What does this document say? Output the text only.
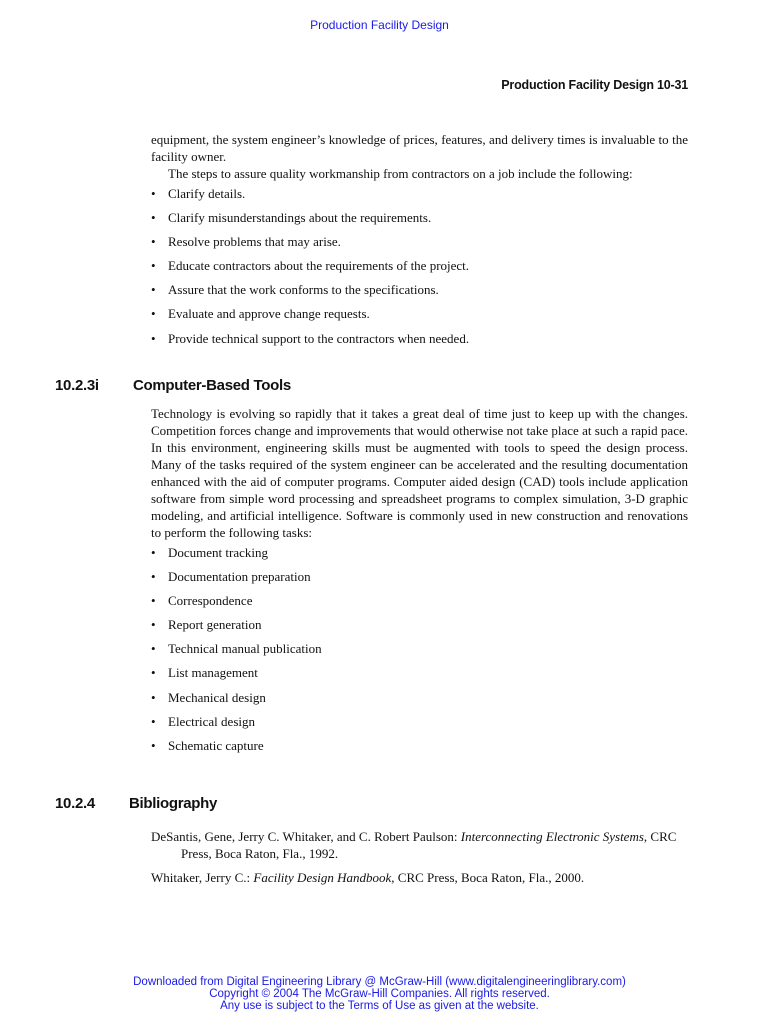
Production Facility Design
Production Facility Design 10-31

equipment, the system engineer’s knowledge of prices, features, and delivery times is invaluable to the facility owner.

The steps to assure quality workmanship from contractors on a job include the following:

• Clarify details.
• Clarify misunderstandings about the requirements.
• Resolve problems that may arise.
• Educate contractors about the requirements of the project.
• Assure that the work conforms to the specifications.
• Evaluate and approve change requests.
• Provide technical support to the contractors when needed.
10.2.3i Computer-Based Tools

Technology is evolving so rapidly that it takes a great deal of time just to keep up with the changes. Competition forces change and improvements that would otherwise not take place at such a rapid pace. In this environment, engineering skills must be augmented with tools to speed the design process. Many of the tasks required of the system engineer can be accelerated and the resulting documentation enhanced with the aid of computer programs. Computer aided design (CAD) tools include application software from simple word processing and spreadsheet programs to complex simulation, 3-D graphic modeling, and artificial intelligence. Software is commonly used in new construction and renovations to perform the following tasks:

• Document tracking
• Documentation preparation
• Correspondence
• Report generation
• Technical manual publication
• List management
• Mechanical design
• Electrical design
• Schematic capture
10.2.4 Bibliography

DeSantis, Gene, Jerry C. Whitaker, and C. Robert Paulson: Interconnecting Electronic Systems, CRC Press, Boca Raton, Fla., 1992.

Whitaker, Jerry C.: Facility Design Handbook, CRC Press, Boca Raton, Fla., 2000.

Downloaded from Digital Engineering Library @ McGraw-Hill (www.digitalengineeringlibrary.com)
Copyright © 2004 The McGraw-Hill Companies. All rights reserved.
Any use is subject to the Terms of Use as given at the website.
